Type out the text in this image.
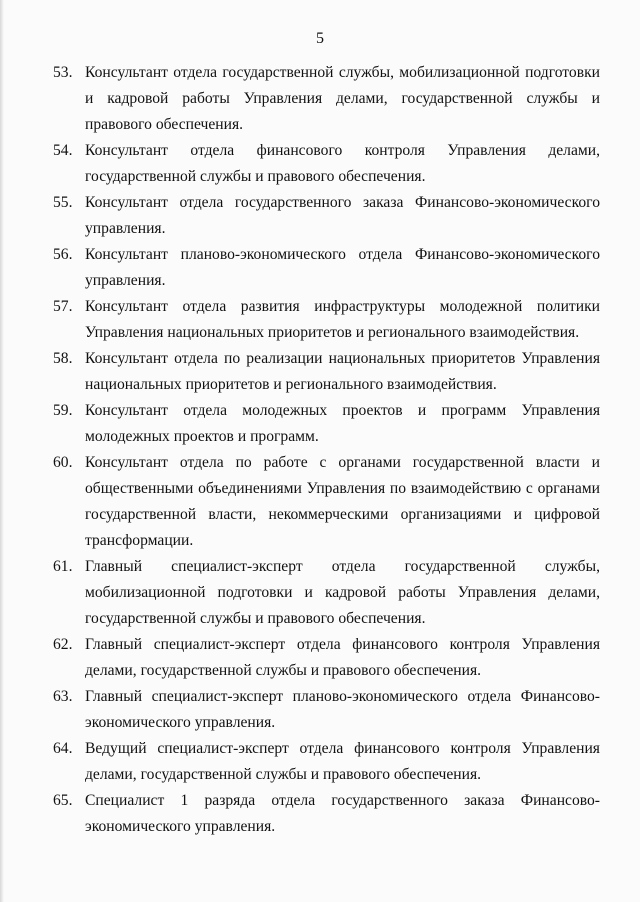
5
53. Консультант отдела государственной службы, мобилизационной подготовки и кадровой работы Управления делами, государственной службы и правового обеспечения.
54. Консультант отдела финансового контроля Управления делами, государственной службы и правового обеспечения.
55. Консультант отдела государственного заказа Финансово-экономического управления.
56. Консультант планово-экономического отдела Финансово-экономического управления.
57. Консультант отдела развития инфраструктуры молодежной политики Управления национальных приоритетов и регионального взаимодействия.
58. Консультант отдела по реализации национальных приоритетов Управления национальных приоритетов и регионального взаимодействия.
59. Консультант отдела молодежных проектов и программ Управления молодежных проектов и программ.
60. Консультант отдела по работе с органами государственной власти и общественными объединениями Управления по взаимодействию с органами государственной власти, некоммерческими организациями и цифровой трансформации.
61. Главный специалист-эксперт отдела государственной службы, мобилизационной подготовки и кадровой работы Управления делами, государственной службы и правового обеспечения.
62. Главный специалист-эксперт отдела финансового контроля Управления делами, государственной службы и правового обеспечения.
63. Главный специалист-эксперт планово-экономического отдела Финансово-экономического управления.
64. Ведущий специалист-эксперт отдела финансового контроля Управления делами, государственной службы и правового обеспечения.
65. Специалист 1 разряда отдела государственного заказа Финансово-экономического управления.
